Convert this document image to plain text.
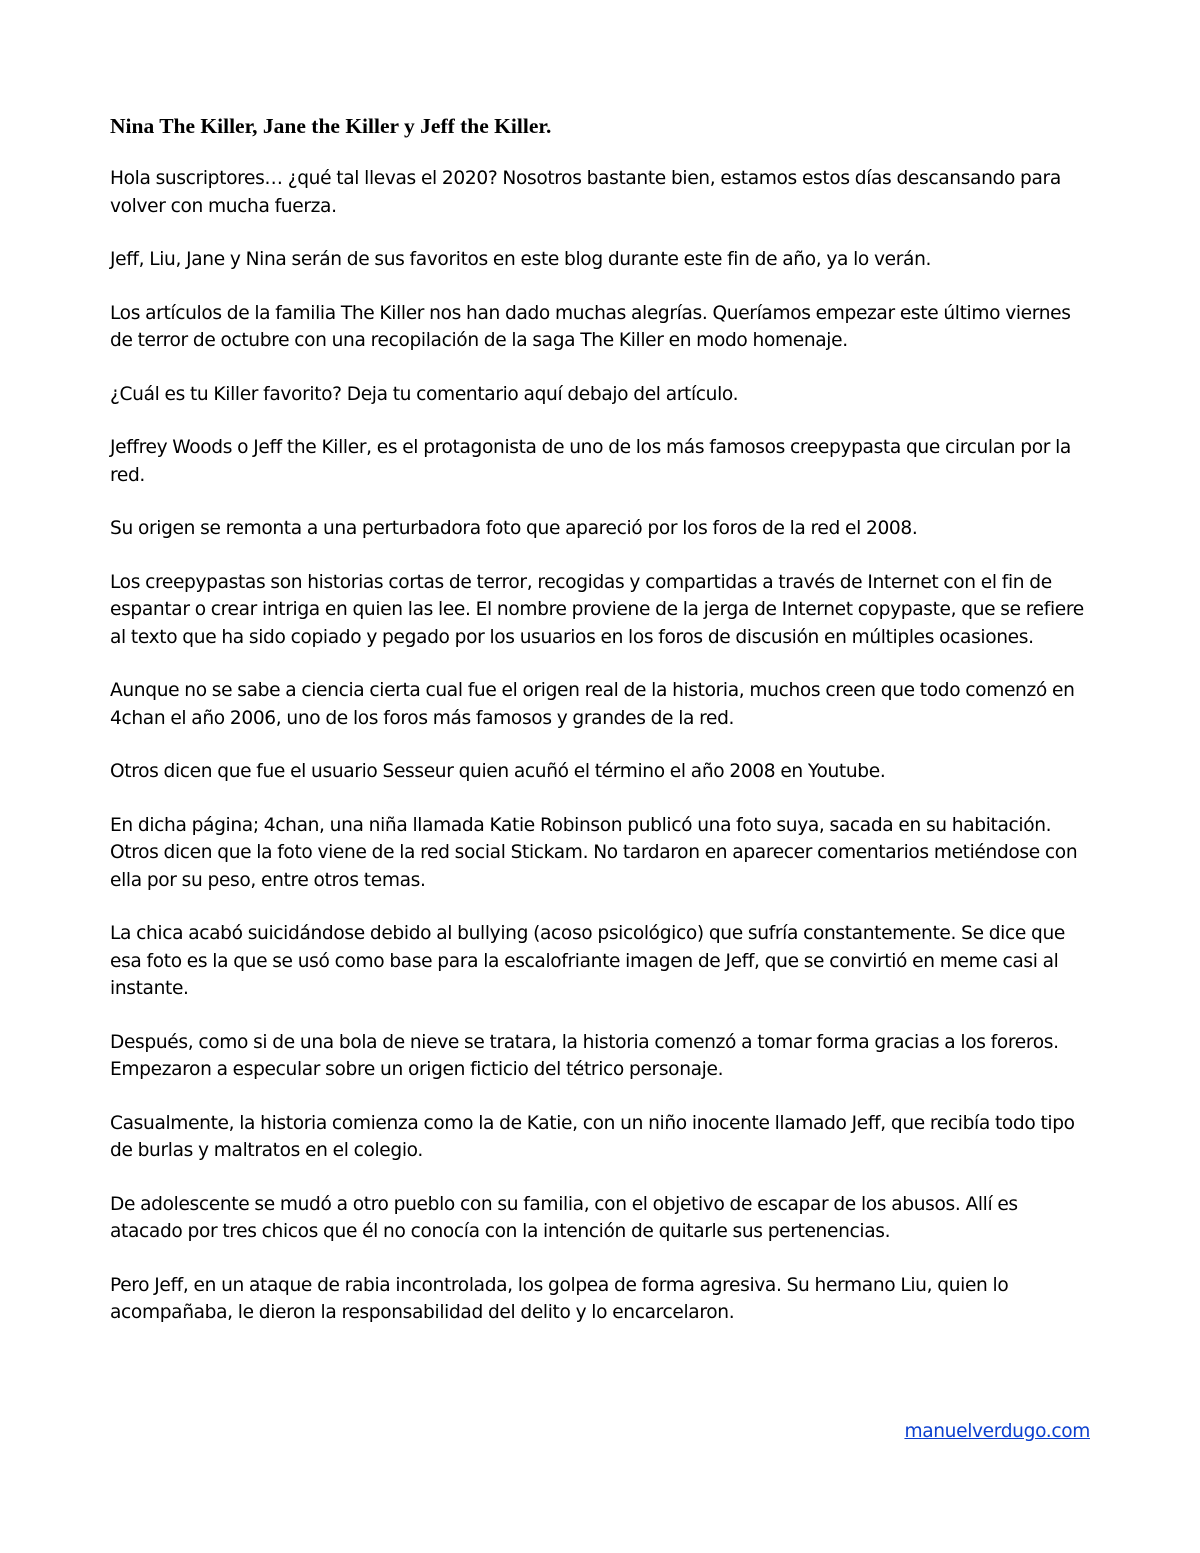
Nina The Killer, Jane the Killer y Jeff the Killer.

Hola suscriptores… ¿qué tal llevas el 2020? Nosotros bastante bien, estamos estos días descansando para volver con mucha fuerza.

Jeff, Liu, Jane y Nina serán de sus favoritos en este blog durante este fin de año, ya lo verán.

Los artículos de la familia The Killer nos han dado muchas alegrías. Queríamos empezar este último viernes de terror de octubre con una recopilación de la saga The Killer en modo homenaje.

¿Cuál es tu Killer favorito? Deja tu comentario aquí debajo del artículo.

Jeffrey Woods o Jeff the Killer, es el protagonista de uno de los más famosos creepypasta que circulan por la red.

Su origen se remonta a una perturbadora foto que apareció por los foros de la red el 2008.

Los creepypastas son historias cortas de terror, recogidas y compartidas a través de Internet con el fin de espantar o crear intriga en quien las lee. El nombre proviene de la jerga de Internet copypaste, que se refiere al texto que ha sido copiado y pegado por los usuarios en los foros de discusión en múltiples ocasiones.

Aunque no se sabe a ciencia cierta cual fue el origen real de la historia, muchos creen que todo comenzó en 4chan el año 2006, uno de los foros más famosos y grandes de la red.

Otros dicen que fue el usuario Sesseur quien acuñó el término el año 2008 en Youtube.

En dicha página; 4chan, una niña llamada Katie Robinson publicó una foto suya, sacada en su habitación. Otros dicen que la foto viene de la red social Stickam. No tardaron en aparecer comentarios metiéndose con ella por su peso, entre otros temas.

La chica acabó suicidándose debido al bullying (acoso psicológico) que sufría constantemente. Se dice que esa foto es la que se usó como base para la escalofriante imagen de Jeff, que se convirtió en meme casi al instante.

Después, como si de una bola de nieve se tratara, la historia comenzó a tomar forma gracias a los foreros. Empezaron a especular sobre un origen ficticio del tétrico personaje.

Casualmente, la historia comienza como la de Katie, con un niño inocente llamado Jeff, que recibía todo tipo de burlas y maltratos en el colegio.

De adolescente se mudó a otro pueblo con su familia, con el objetivo de escapar de los abusos. Allí es atacado por tres chicos que él no conocía con la intención de quitarle sus pertenencias.

Pero Jeff, en un ataque de rabia incontrolada, los golpea de forma agresiva. Su hermano Liu, quien lo acompañaba, le dieron la responsabilidad del delito y lo encarcelaron.

manuelverdugo.com
